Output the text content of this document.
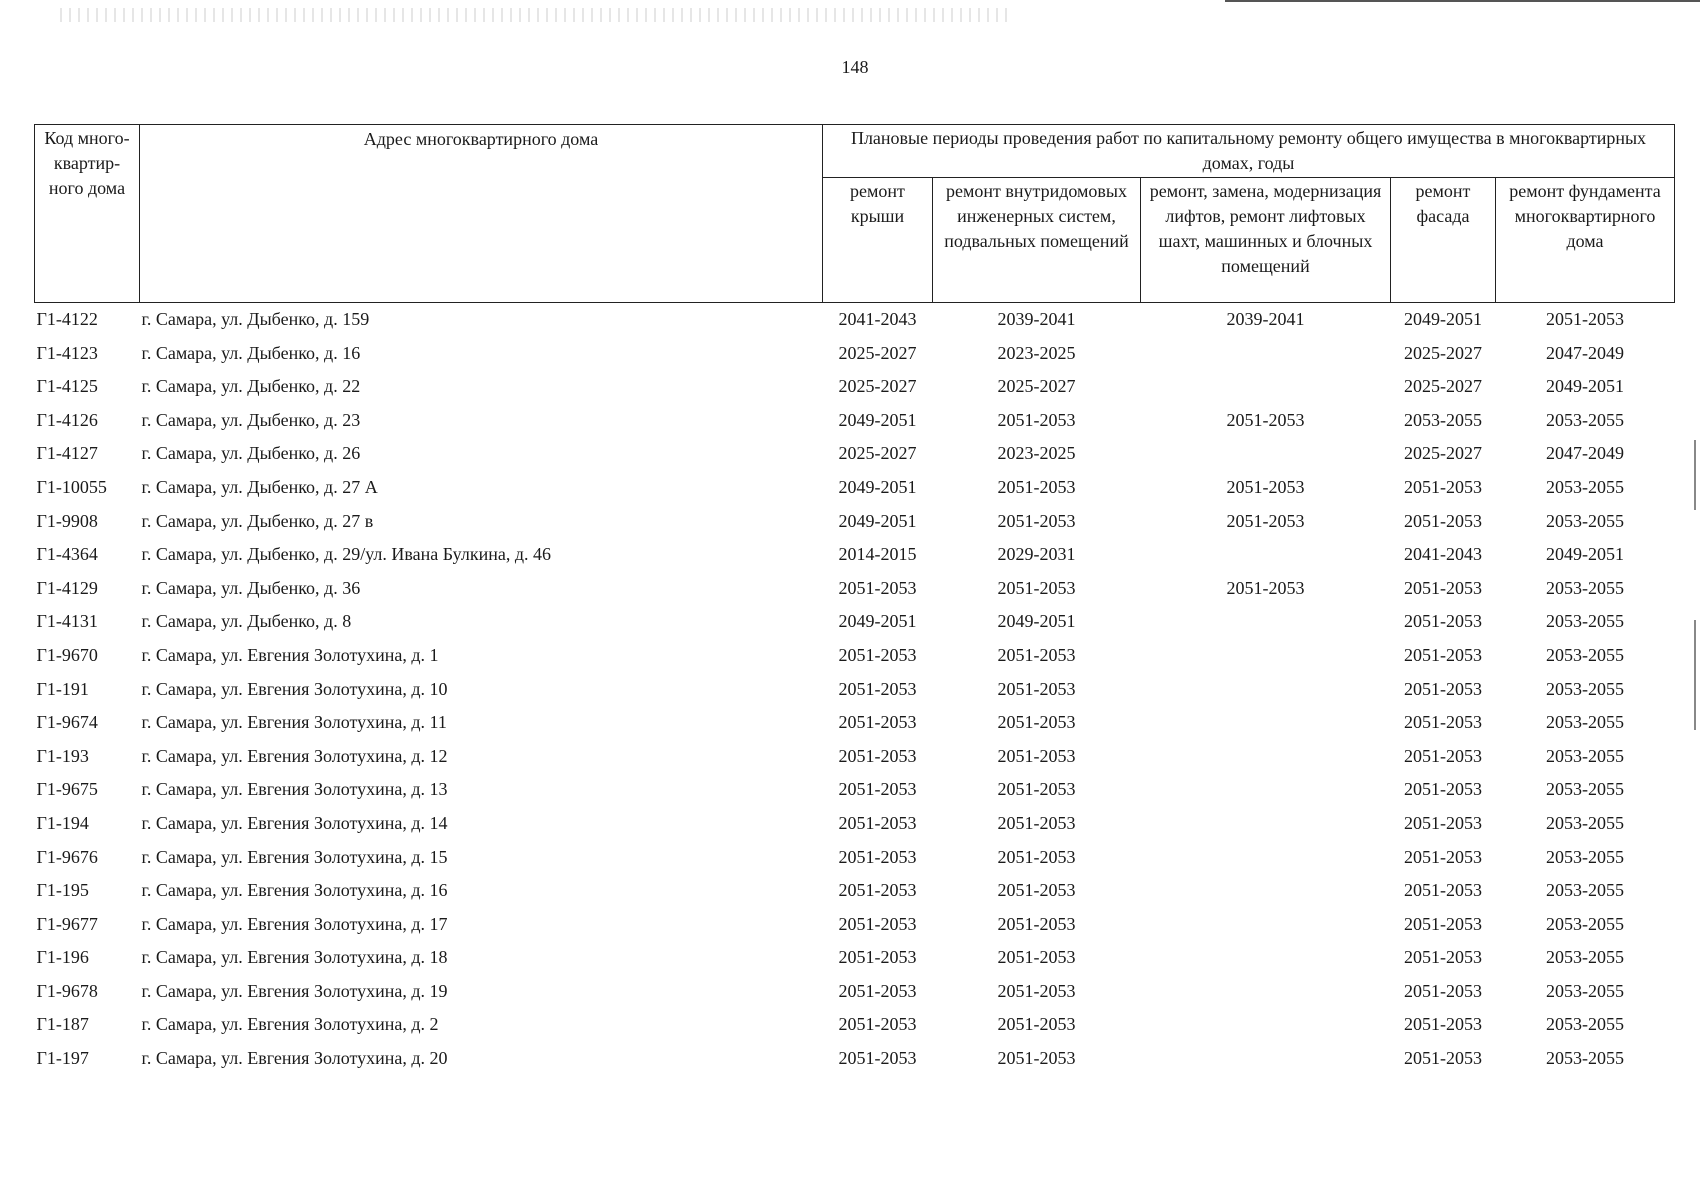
148
Код много-квартир-ного дома	Адрес многоквартирного дома	Плановые периоды проведения работ по капитальному ремонту общего имущества в многоквартирных домах, годы				
		ремонт крыши	ремонт внутридомовых инженерных систем, подвальных помещений	ремонт, замена, модернизация лифтов, ремонт лифтовых шахт, машинных и блочных помещений	ремонт фасада	ремонт фундамента многоквартирного дома
Г1-4122	г. Самара, ул. Дыбенко, д. 159	2041-2043	2039-2041	2039-2041	2049-2051	2051-2053
Г1-4123	г. Самара, ул. Дыбенко, д. 16	2025-2027	2023-2025		2025-2027	2047-2049
Г1-4125	г. Самара, ул. Дыбенко, д. 22	2025-2027	2025-2027		2025-2027	2049-2051
Г1-4126	г. Самара, ул. Дыбенко, д. 23	2049-2051	2051-2053	2051-2053	2053-2055	2053-2055
Г1-4127	г. Самара, ул. Дыбенко, д. 26	2025-2027	2023-2025		2025-2027	2047-2049
Г1-10055	г. Самара, ул. Дыбенко, д. 27 А	2049-2051	2051-2053	2051-2053	2051-2053	2053-2055
Г1-9908	г. Самара, ул. Дыбенко, д. 27 в	2049-2051	2051-2053	2051-2053	2051-2053	2053-2055
Г1-4364	г. Самара, ул. Дыбенко, д. 29/ул. Ивана Булкина, д. 46	2014-2015	2029-2031		2041-2043	2049-2051
Г1-4129	г. Самара, ул. Дыбенко, д. 36	2051-2053	2051-2053	2051-2053	2051-2053	2053-2055
Г1-4131	г. Самара, ул. Дыбенко, д. 8	2049-2051	2049-2051		2051-2053	2053-2055
Г1-9670	г. Самара, ул. Евгения Золотухина, д. 1	2051-2053	2051-2053		2051-2053	2053-2055
Г1-191	г. Самара, ул. Евгения Золотухина, д. 10	2051-2053	2051-2053		2051-2053	2053-2055
Г1-9674	г. Самара, ул. Евгения Золотухина, д. 11	2051-2053	2051-2053		2051-2053	2053-2055
Г1-193	г. Самара, ул. Евгения Золотухина, д. 12	2051-2053	2051-2053		2051-2053	2053-2055
Г1-9675	г. Самара, ул. Евгения Золотухина, д. 13	2051-2053	2051-2053		2051-2053	2053-2055
Г1-194	г. Самара, ул. Евгения Золотухина, д. 14	2051-2053	2051-2053		2051-2053	2053-2055
Г1-9676	г. Самара, ул. Евгения Золотухина, д. 15	2051-2053	2051-2053		2051-2053	2053-2055
Г1-195	г. Самара, ул. Евгения Золотухина, д. 16	2051-2053	2051-2053		2051-2053	2053-2055
Г1-9677	г. Самара, ул. Евгения Золотухина, д. 17	2051-2053	2051-2053		2051-2053	2053-2055
Г1-196	г. Самара, ул. Евгения Золотухина, д. 18	2051-2053	2051-2053		2051-2053	2053-2055
Г1-9678	г. Самара, ул. Евгения Золотухина, д. 19	2051-2053	2051-2053		2051-2053	2053-2055
Г1-187	г. Самара, ул. Евгения Золотухина, д. 2	2051-2053	2051-2053		2051-2053	2053-2055
Г1-197	г. Самара, ул. Евгения Золотухина, д. 20	2051-2053	2051-2053		2051-2053	2053-2055
